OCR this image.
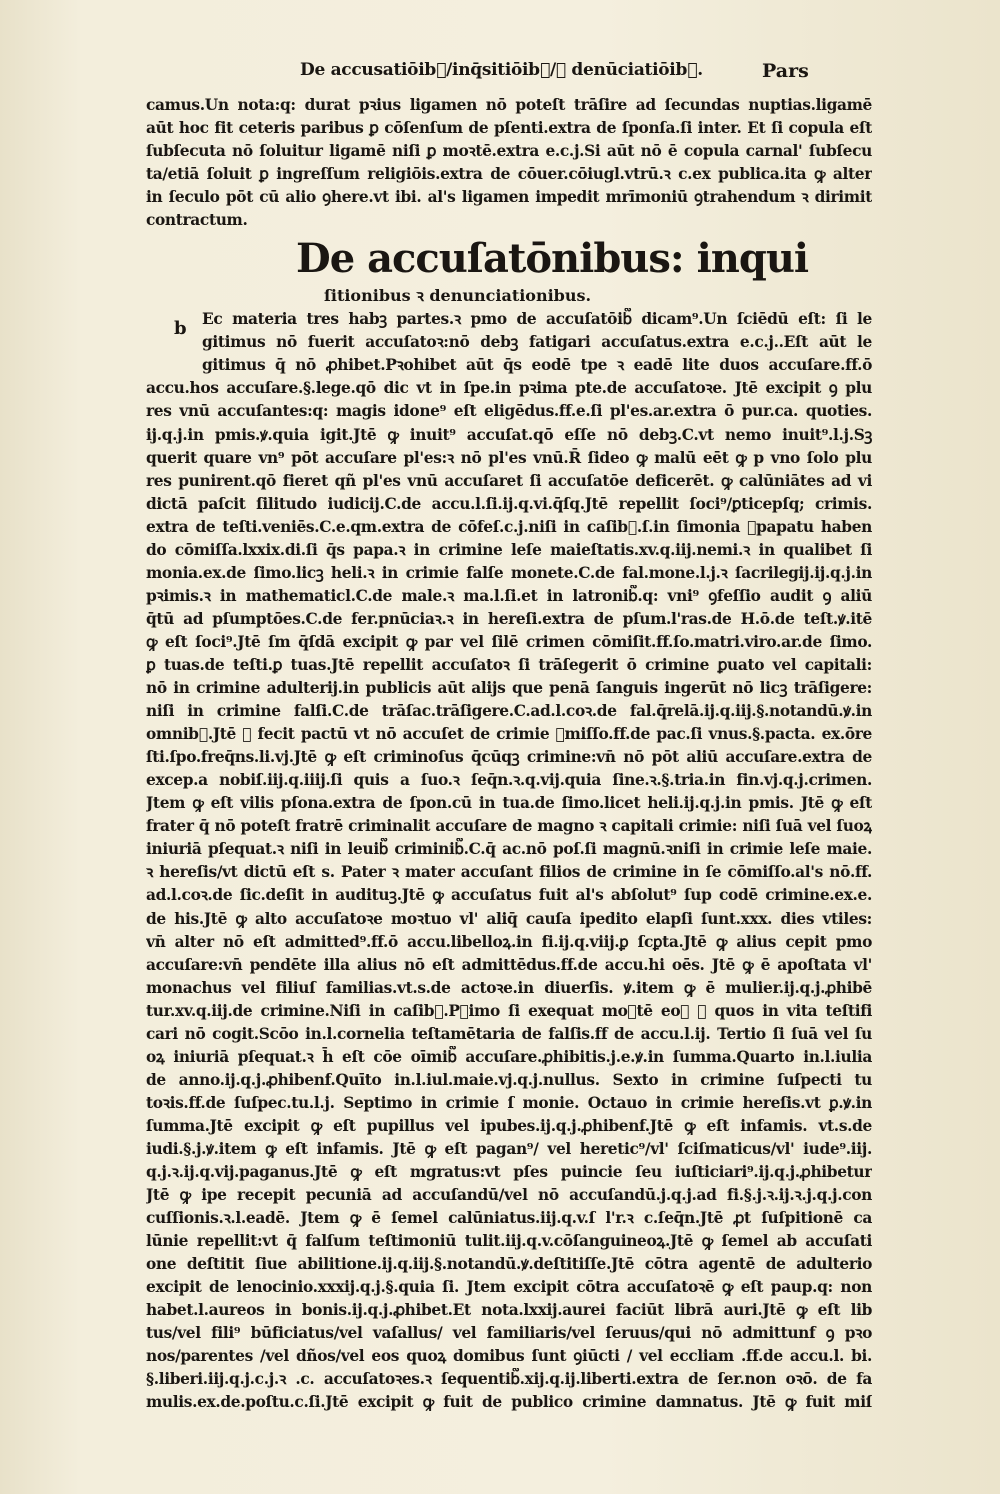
De accusatiōib᷑/inq̄sitiōib᷑/ꝛ denūciatiōib᷑.	Pars
b
camus.Un nota:q: durat pꝛius ligamen nō poteſt trāſire ad ſecundas nuptias.ligamē
aūt hoc fit ceteris paribus ꝑ cōſenſum de pſenti.extra de ſponſa.ſi inter. Et ſi copula eſt
ſubſecuta nō ſoluitur ligamē niſi ꝑ moꝛtē.extra e.c.j.Si aūt nō ē copula carnal' ſubſecu
ta/etiā ſoluit ꝑ ingreſſum religiōis.extra de cōuer.cōiugl.vtrū.ꝛ c.ex publica.ita ꝙ alter
in ſeculo pōt cū alio ꝯhere.vt ibi. al's ligamen impedit mrīmoniū ꝯtrahendum ꝛ dirimit
contractum.
De accuſatōnibus: inqui
ſitionibus ꝛ denunciationibus.
Ec materia tres habꝫ partes.ꝛ pmo de accuſatōib᷑ dicam⁹.Un ſciēdū eſt: ſi le
gitimus nō fuerit accuſatoꝛ:nō debꝫ fatigari accuſatus.extra e.c.j..Eſt aūt le
gitimus q̄ nō ꝓhibet.Pꝛohibet aūt q̄s eodē tpe ꝛ eadē lite duos accuſare.ff.ō
accu.hos accuſare.§.lege.qō dic vt in ſpe.in pꝛima pte.de accuſatoꝛe. Jtē excipit ꝯ plu
res vnū accuſantes:q: magis idone⁹ eſt eligēdus.ff.e.ſi pl'es.ar.extra ō pur.ca. quoties.
ij.q.j.in pmis.ꝟ.quia igit.Jtē ꝙ inuit⁹ accuſat.qō eſſe nō debꝫ.C.vt nemo inuit⁹.l.j.Sꝫ
querit quare vn⁹ pōt accuſare pl'es:ꝛ nō pl'es vnū.R̄ ſideo ꝙ malū eēt ꝙ p vno ſolo plu
res punirent.qō fieret qñ pl'es vnū accuſaret ſi accuſatōe deficerēt. ꝙ calūniātes ad vi
dictā paſcit ſilitudo iudicij.C.de accu.l.ſi.ij.q.vi.q̄ſq.Jtē repellit ſoci⁹/ꝑticepſq; crimis.
extra de teſti.veniēs.C.e.qm.extra de cōfeſ.c.j.niſi in caſib᷑.ſ.in ſimonia ꝑpapatu haben
do cōmiſſa.lxxix.di.ſi q̄s papa.ꝛ in crimine leſe maieſtatis.xv.q.iij.nemi.ꝛ in qualibet ſi
monia.ex.de ſimo.licꝫ heli.ꝛ in crimie falſe monete.C.de fal.mone.l.j.ꝛ ſacrilegij.ij.q.j.in
pꝛimis.ꝛ in mathematicl.C.de male.ꝛ ma.l.ſi.et in latronib᷑.q: vni⁹ ꝯfeſſio audit ꝯ aliū
q̄tū ad pſumptōes.C.de fer.pnūciaꝛ.ꝛ in hereſi.extra de pſum.l'ras.de H.ō.de teſt.ꝟ.itē
ꝙ eſt ſoci⁹.Jtē ſm q̄ſdā excipit ꝙ par vel ſilē crimen cōmiſit.ff.ſo.matri.viro.ar.de ſimo.
ꝑ tuas.de teſti.ꝑ tuas.Jtē repellit accuſatoꝛ ſi trāſegerit ō crimine ꝑuato vel capitali:
nō in crimine adulterij.in publicis aūt alijs que penā ſanguis ingerūt nō licꝫ trāſigere:
niſi in crimine falſi.C.de trāſac.trāſigere.C.ad.l.coꝛ.de fal.q̄relā.ij.q.iij.§.notandū.ꝟ.in
omnib᷑.Jtē ꝙ fecit pactū vt nō accuſet de crimie ꝯmiſſo.ff.de pac.ſi vnus.§.pacta. ex.ōre
ſti.ſpo.freq̄ns.li.vj.Jtē ꝙ eſt criminoſus q̄cūqꝫ crimine:vn̄ nō pōt aliū accuſare.extra de
excep.a nobiſ.iij.q.iiij.ſi quis a ſuo.ꝛ ſeq̄n.ꝛ.q.vij.quia ſine.ꝛ.§.tria.in fin.vj.q.j.crimen.
Jtem ꝙ eſt vilis pſona.extra de ſpon.cū in tua.de ſimo.licet heli.ij.q.j.in pmis. Jtē ꝙ eſt
frater q̄ nō poteſt fratrē criminalit accuſare de magno ꝛ capitali crimie: niſi ſuā vel ſuoꝝ
iniuriā pſequat.ꝛ niſi in leuib᷑ criminib᷑.C.q̄ ac.nō poſ.ſi magnū.ꝛniſi in crimie leſe maie.
ꝛ hereſis/vt dictū eſt s. Pater ꝛ mater accuſant filios de crimine in ſe cōmiſſo.al's nō.ff.
ad.l.coꝛ.de ſic.deſit in audituꝫ.Jtē ꝙ accuſatus fuit al's abſolut⁹ ſup codē crimine.ex.e.
de his.Jtē ꝙ alto accuſatoꝛe moꝛtuo vl' aliq̄ cauſa ipedito elapſi ſunt.xxx. dies vtiles:
vn̄ alter nō eſt admitted⁹.ff.ō accu.libelloꝝ.in fi.ij.q.viij.ꝑ ſcꝑta.Jtē ꝙ alius cepit pmo
accuſare:vn̄ pendēte illa alius nō eſt admittēdus.ff.de accu.hi oēs. Jtē ꝙ ē apoſtata vl'
monachus vel filiuſ familias.vt.s.de actoꝛe.in diuerſis. ꝟ.item ꝙ ē mulier.ij.q.j.ꝓhibē
tur.xv.q.iij.de crimine.Niſi in caſib᷑.Pꝛimo ſi exequat moꝛtē eoꝝ ꝯ quos in vita teſtifi
cari nō cogit.Scōo in.l.cornelia teſtamētaria de falſis.ff de accu.l.ij. Tertio ſi ſuā vel ſu
oꝝ iniuriā pſequat.ꝛ h̄ eſt cōe oīmib᷑ accuſare.ꝓhibitis.j.e.ꝟ.in ſumma.Quarto in.l.iulia
de anno.ij.q.j.ꝓhibenf.Quīto in.l.iul.maie.vj.q.j.nullus. Sexto in crimine ſuſpecti tu
toꝛis.ff.de ſuſpec.tu.l.j. Septimo in crimie ſ monie. Octauo in crimie hereſis.vt ꝑ.ꝟ.in
ſumma.Jtē excipit ꝙ eſt pupillus vel ipubes.ij.q.j.ꝓhibenf.Jtē ꝙ eſt infamis. vt.s.de
iudi.§.j.ꝟ.item ꝙ eſt infamis. Jtē ꝙ eſt pagan⁹/ vel heretic⁹/vl' ſciſmaticus/vl' iude⁹.iij.
q.j.ꝛ.ij.q.vij.paganus.Jtē ꝙ eſt mgratus:vt pſes puincie ſeu iuſticiari⁹.ij.q.j.ꝓhibetur
Jtē ꝙ ipe recepit pecuniā ad accuſandū/vel nō accuſandū.j.q.j.ad fi.§.j.ꝛ.ij.ꝛ.j.q.j.con
cuſſionis.ꝛ.l.eadē. Jtem ꝙ ē ſemel calūniatus.iij.q.v.ſ l'r.ꝛ c.ſeq̄n.Jtē ꝓt ſuſpitionē ca
lūnie repellit:vt q̄ falſum teſtimoniū tulit.iij.q.v.cōſanguineoꝝ.Jtē ꝙ ſemel ab accuſati
one deſtitit ſiue abilitione.ij.q.iij.§.notandū.ꝟ.deſtitiſſe.Jtē cōtra agentē de adulterio
excipit de lenocinio.xxxij.q.j.§.quia ſi. Jtem excipit cōtra accuſatoꝛē ꝙ eſt paup.q: non
habet.l.aureos in bonis.ij.q.j.ꝓhibet.Et nota.lxxij.aurei faciūt librā auri.Jtē ꝙ eſt lib
tus/vel fili⁹ būficiatus/vel vaſallus/ vel familiaris/vel ſeruus/qui nō admittunf ꝯ pꝛo
nos/parentes /vel dños/vel eos quoꝝ domibus ſunt ꝯiūcti / vel eccliam .ff.de accu.l. bi.
§.liberi.iij.q.j.c.j.ꝛ .c. accuſatoꝛes.ꝛ ſequentib᷑.xij.q.ij.liberti.extra de ſer.non oꝛō. de fa
mulis.ex.de.poſtu.c.ſi.Jtē excipit ꝙ fuit de publico crimine damnatus. Jtē ꝙ fuit miſ
